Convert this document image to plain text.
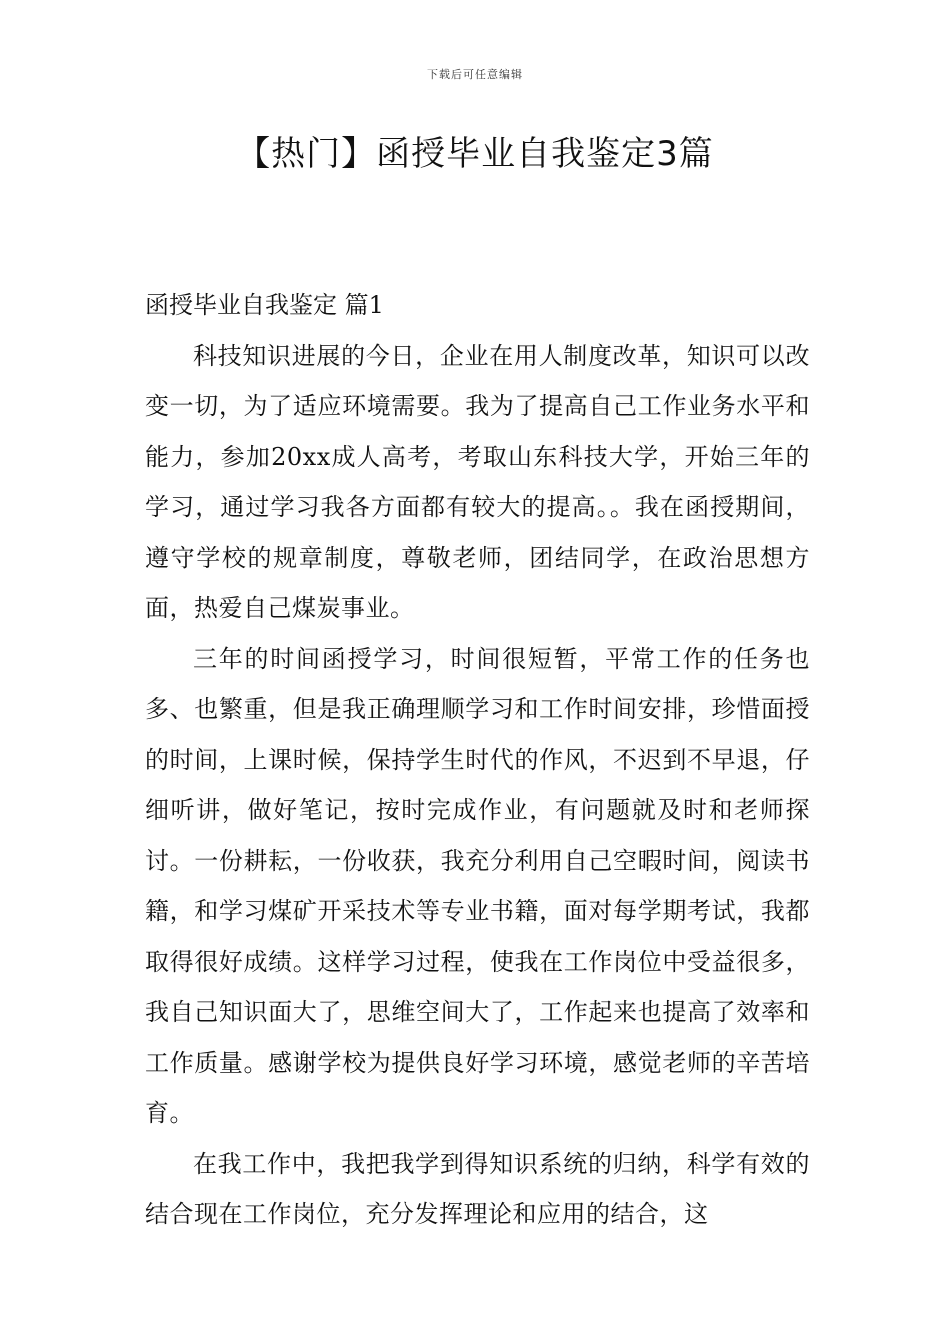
下载后可任意编辑
【热门】函授毕业自我鉴定3篇
函授毕业自我鉴定 篇1

科技知识进展的今日，企业在用人制度改革，知识可以改变一切，为了适应环境需要。我为了提高自己工作业务水平和能力，参加20xx成人高考，考取山东科技大学，开始三年的学习，通过学习我各方面都有较大的提高。。我在函授期间，遵守学校的规章制度，尊敬老师，团结同学，在政治思想方面，热爱自己煤炭事业。

三年的时间函授学习，时间很短暂，平常工作的任务也多、也繁重，但是我正确理顺学习和工作时间安排，珍惜面授的时间，上课时候，保持学生时代的作风，不迟到不早退，仔细听讲，做好笔记，按时完成作业，有问题就及时和老师探讨。一份耕耘，一份收获，我充分利用自己空暇时间，阅读书籍，和学习煤矿开采技术等专业书籍，面对每学期考试，我都取得很好成绩。这样学习过程，使我在工作岗位中受益很多，我自己知识面大了，思维空间大了，工作起来也提高了效率和工作质量。感谢学校为提供良好学习环境，感觉老师的辛苦培育。

在我工作中，我把我学到得知识系统的归纳，科学有效的结合现在工作岗位，充分发挥理论和应用的结合，这
